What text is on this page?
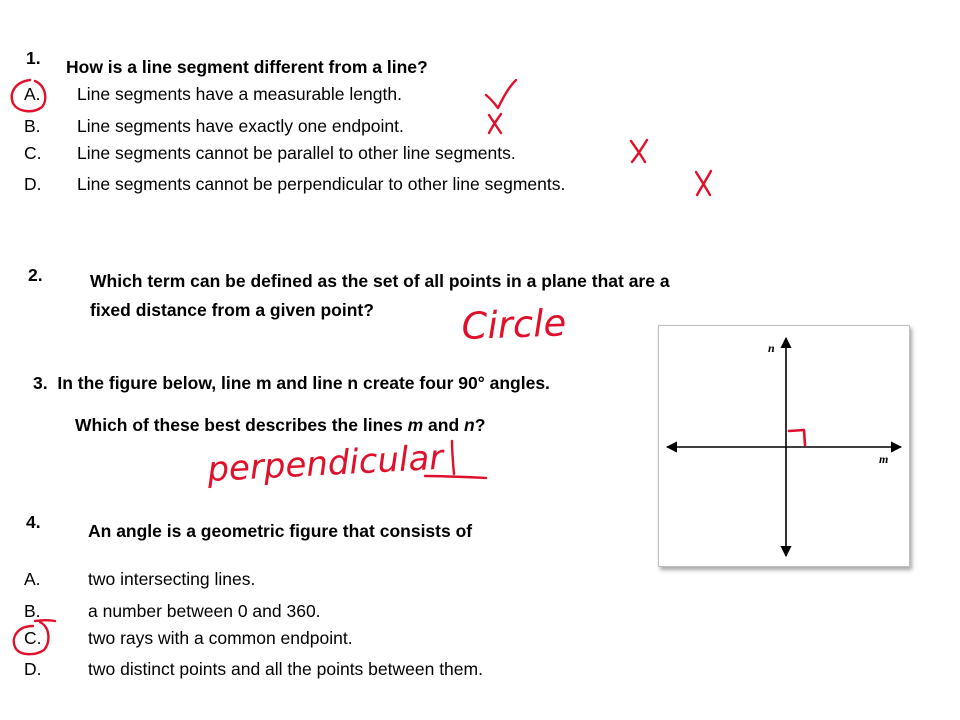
1. How is a line segment different from a line?
A. Line segments have a measurable length.
B. Line segments have exactly one endpoint.
C. Line segments cannot be parallel to other line segments.
D. Line segments cannot be perpendicular to other line segments.
2.	Which term can be defined as the set of all points in a plane that are a
fixed distance from a given point?
3. In the figure below, line m and line n create four 90° angles.
Which of these best describes the lines m and n?
n
m
4.	An angle is a geometric figure that consists of
A.	two intersecting lines.
B.	a number between 0 and 360.
C.	two rays with a common endpoint.
D.	two distinct points and all the points between them.
Circle
perpendicular
